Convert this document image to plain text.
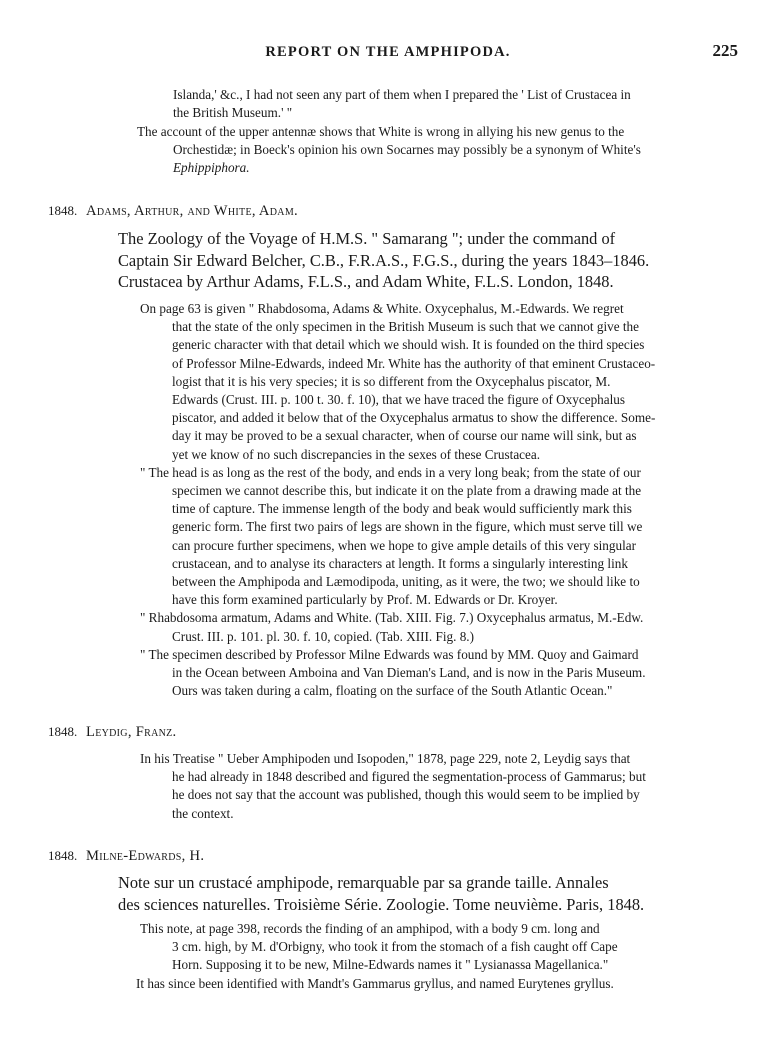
REPORT ON THE AMPHIPODA.	225
Islanda,' &c., I had not seen any part of them when I prepared the ' List of Crustacea in
the British Museum.' "
The account of the upper antennæ shows that White is wrong in allying his new genus to the
Orchestidæ; in Boeck's opinion his own Socarnes may possibly be a synonym of White's
Ephippiphora.
1848. Adams, Arthur, and White, Adam.
The Zoology of the Voyage of H.M.S. " Samarang "; under the command of
Captain Sir Edward Belcher, C.B., F.R.A.S., F.G.S., during the years 1843–1846.
Crustacea by Arthur Adams, F.L.S., and Adam White, F.L.S. London, 1848.
On page 63 is given " Rhabdosoma, Adams & White. Oxycephalus, M.-Edwards. We regret
that the state of the only specimen in the British Museum is such that we cannot give the
generic character with that detail which we should wish. It is founded on the third species
of Professor Milne-Edwards, indeed Mr. White has the authority of that eminent Crustaceo-
logist that it is his very species; it is so different from the Oxycephalus piscator, M.
Edwards (Crust. III. p. 100 t. 30. f. 10), that we have traced the figure of Oxycephalus
piscator, and added it below that of the Oxycephalus armatus to show the difference. Some-
day it may be proved to be a sexual character, when of course our name will sink, but as
yet we know of no such discrepancies in the sexes of these Crustacea.
" The head is as long as the rest of the body, and ends in a very long beak; from the state of our
specimen we cannot describe this, but indicate it on the plate from a drawing made at the
time of capture. The immense length of the body and beak would sufficiently mark this
generic form. The first two pairs of legs are shown in the figure, which must serve till we
can procure further specimens, when we hope to give ample details of this very singular
crustacean, and to analyse its characters at length. It forms a singularly interesting link
between the Amphipoda and Læmodipoda, uniting, as it were, the two; we should like to
have this form examined particularly by Prof. M. Edwards or Dr. Kroyer.
" Rhabdosoma armatum, Adams and White. (Tab. XIII. Fig. 7.) Oxycephalus armatus, M.-Edw.
Crust. III. p. 101. pl. 30. f. 10, copied. (Tab. XIII. Fig. 8.)
" The specimen described by Professor Milne Edwards was found by MM. Quoy and Gaimard
in the Ocean between Amboina and Van Dieman's Land, and is now in the Paris Museum.
Ours was taken during a calm, floating on the surface of the South Atlantic Ocean."
1848. Leydig, Franz.
In his Treatise " Ueber Amphipoden und Isopoden," 1878, page 229, note 2, Leydig says that
he had already in 1848 described and figured the segmentation-process of Gammarus; but
he does not say that the account was published, though this would seem to be implied by
the context.
1848. Milne-Edwards, H.
Note sur un crustacé amphipode, remarquable par sa grande taille. Annales
des sciences naturelles. Troisième Série. Zoologie. Tome neuvième. Paris, 1848.
This note, at page 398, records the finding of an amphipod, with a body 9 cm. long and
3 cm. high, by M. d'Orbigny, who took it from the stomach of a fish caught off Cape
Horn. Supposing it to be new, Milne-Edwards names it " Lysianassa Magellanica."
It has since been identified with Mandt's Gammarus gryllus, and named Eurytenes gryllus.
